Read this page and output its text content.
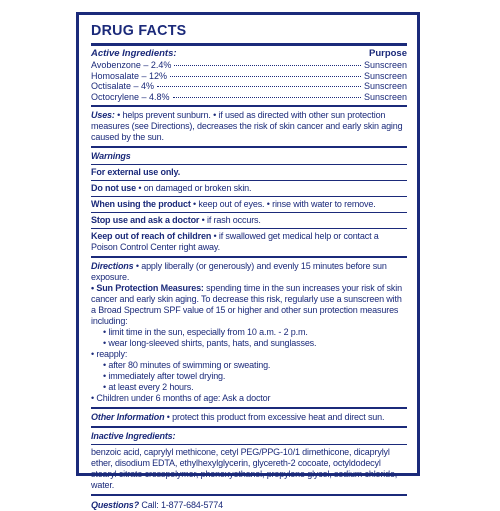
DRUG FACTS
Active Ingredients:	Purpose
Avobenzone – 2.4%	Sunscreen
Homosalate – 12%	Sunscreen
Octisalate – 4%	Sunscreen
Octocrylene – 4.8%	Sunscreen
Uses: • helps prevent sunburn. • if used as directed with other sun protection measures (see Directions), decreases the risk of skin cancer and early skin aging caused by the sun.
Warnings
For external use only.
Do not use • on damaged or broken skin.
When using the product • keep out of eyes. • rinse with water to remove.
Stop use and ask a doctor • if rash occurs.
Keep out of reach of children • if swallowed get medical help or contact a Poison Control Center right away.
Directions • apply liberally (or generously) and evenly 15 minutes before sun exposure.
• Sun Protection Measures: spending time in the sun increases your risk of skin cancer and early skin aging. To decrease this risk, regularly use a sunscreen with a Broad Spectrum SPF value of 15 or higher and other sun protection measures including:
• limit time in the sun, especially from 10 a.m. - 2 p.m.
• wear long-sleeved shirts, pants, hats, and sunglasses.
• reapply:
• after 80 minutes of swimming or sweating.
• immediately after towel drying.
• at least every 2 hours.
• Children under 6 months of age: Ask a doctor
Other Information • protect this product from excessive heat and direct sun.
Inactive Ingredients:
benzoic acid, caprylyl methicone, cetyl PEG/PPG-10/1 dimethicone, dicaprylyl ether, disodium EDTA, ethylhexylglycerin, glycereth-2 cocoate, octyldodecyl stearyl citrate crosspolymer, phenoxyethanol, propylene glycol, sodium chloride, water.
Questions? Call: 1-877-684-5774
